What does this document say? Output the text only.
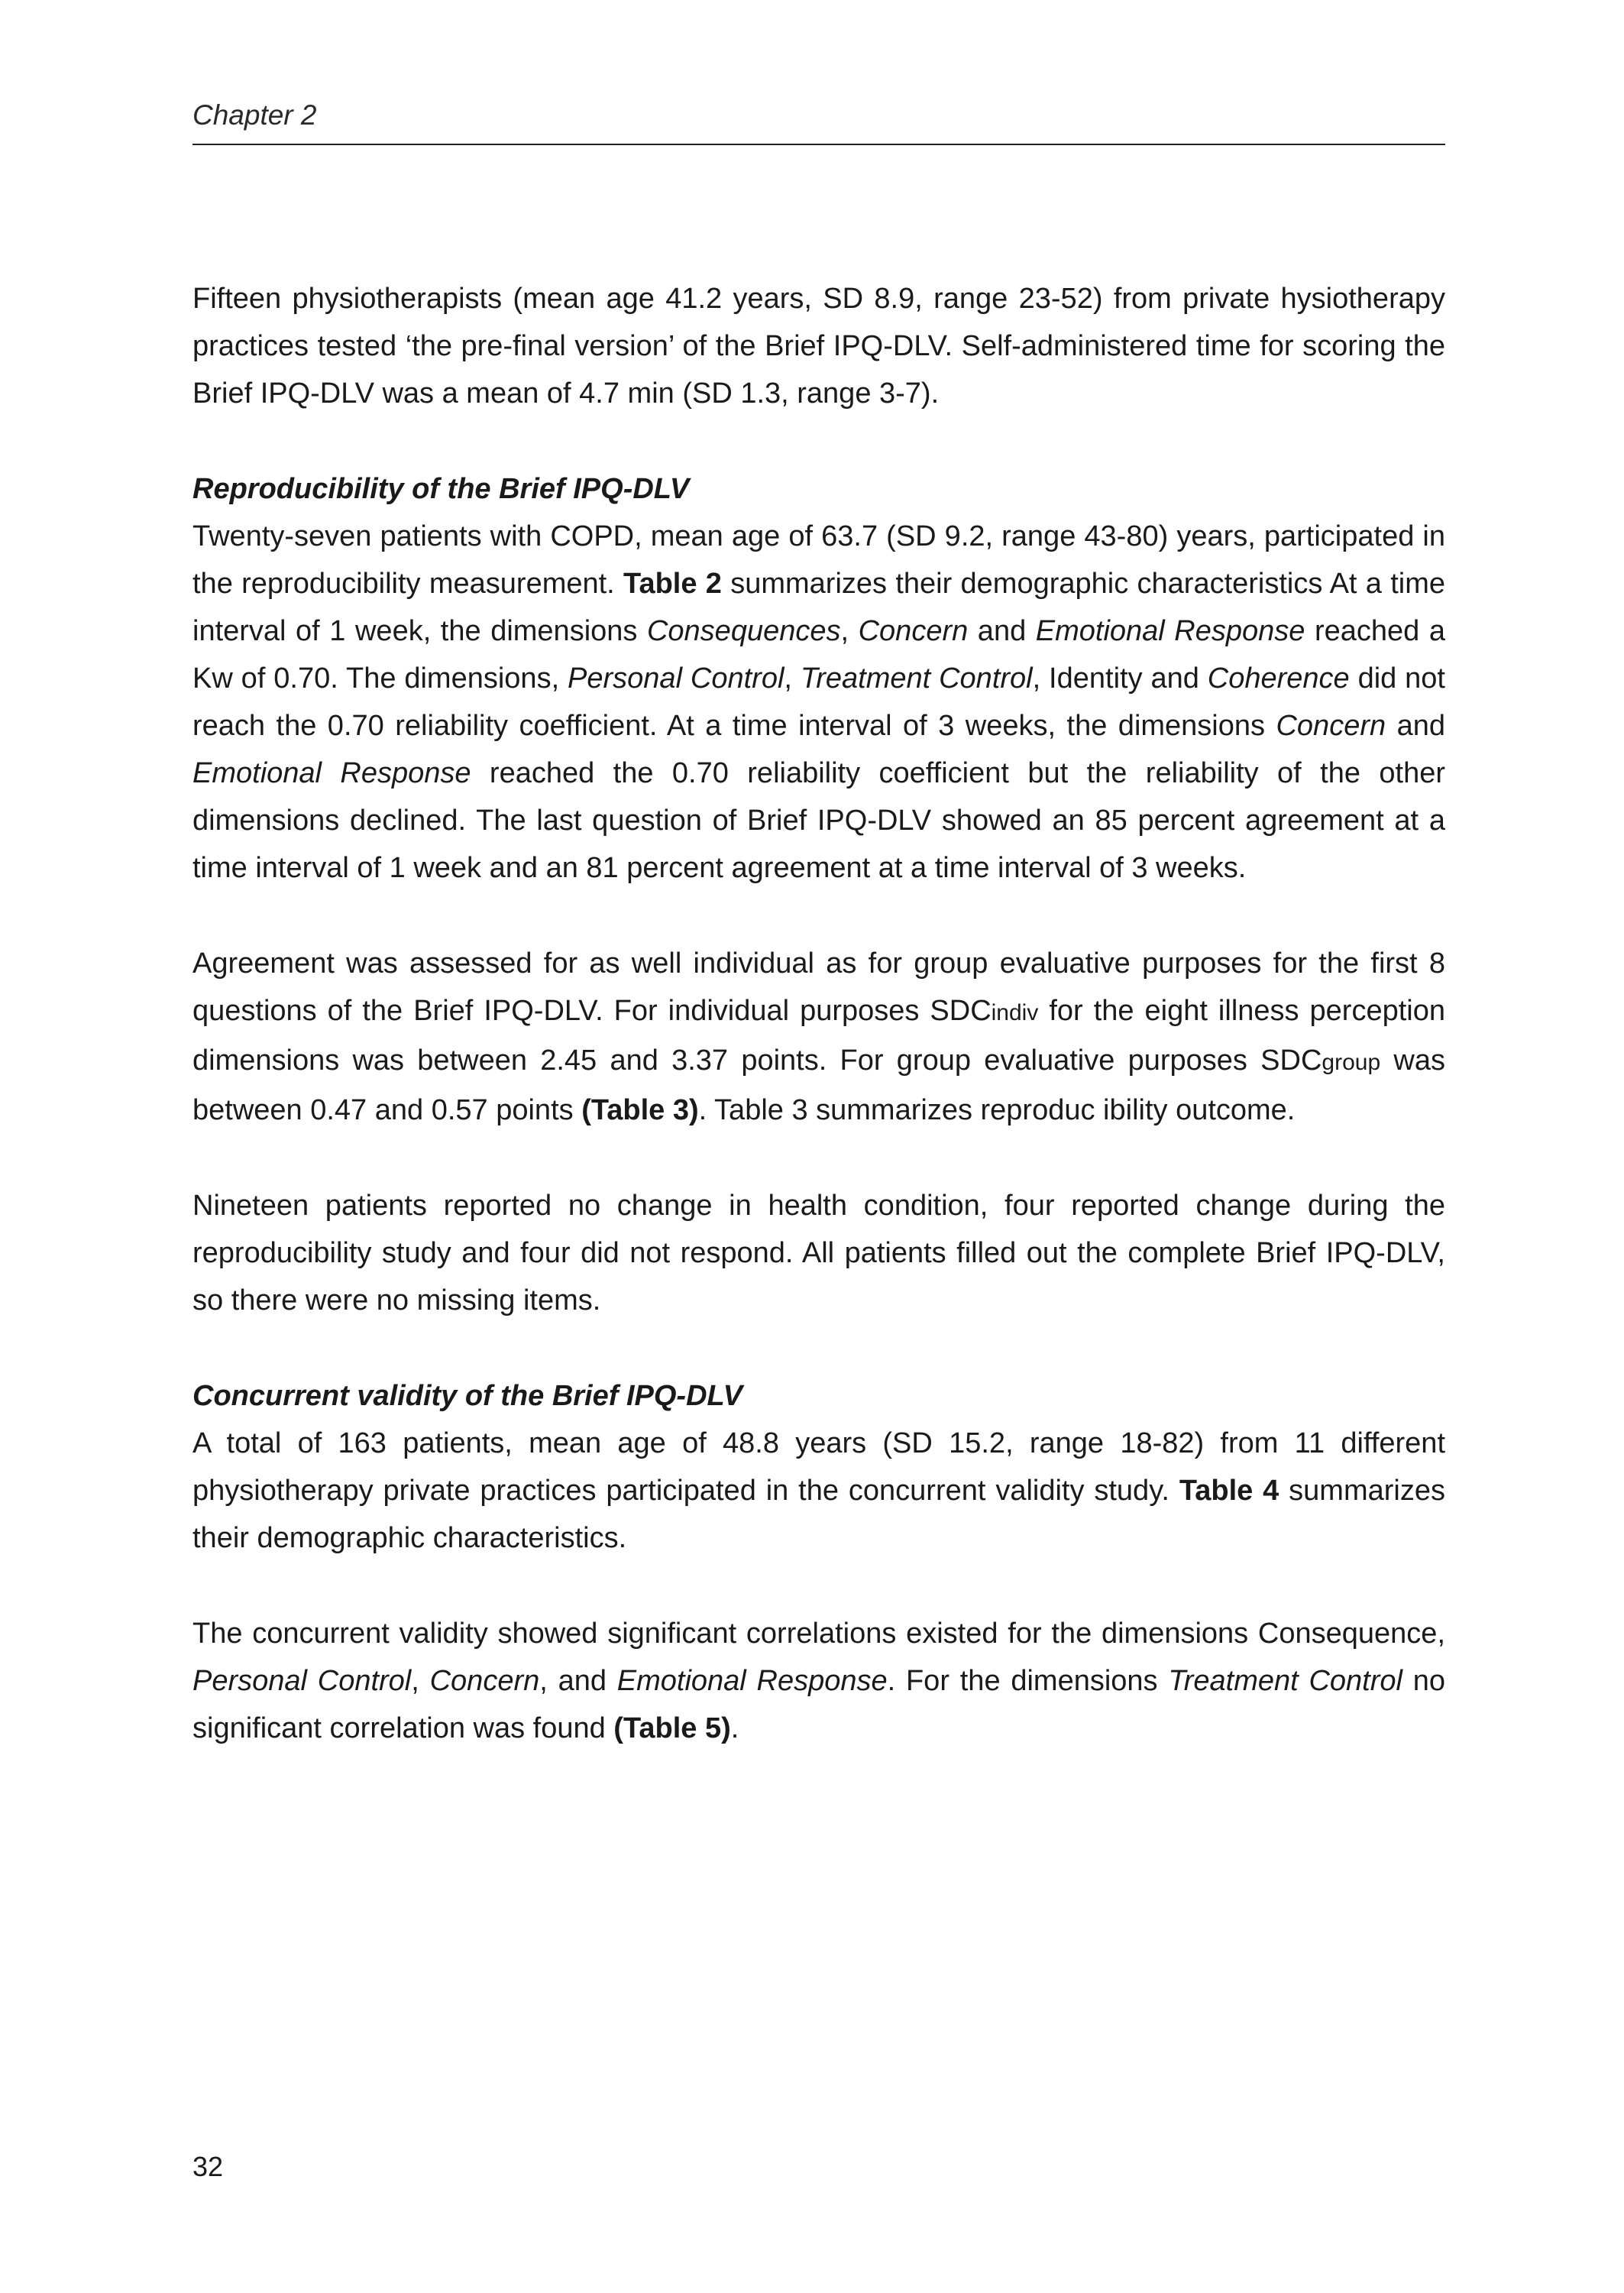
Chapter 2

Fifteen physiotherapists (mean age 41.2 years, SD 8.9, range 23-52) from private hysiotherapy practices tested ‘the pre-final version’ of the Brief IPQ-DLV. Self-administered time for scoring the Brief IPQ-DLV was a mean of 4.7 min (SD 1.3, range 3-7).

Reproducibility of the Brief IPQ-DLV

Twenty-seven patients with COPD, mean age of 63.7 (SD 9.2, range 43-80) years, participated in the reproducibility measurement. Table 2 summarizes their demographic characteristics At a time interval of 1 week, the dimensions Consequences, Concern and Emotional Response reached a Kw of 0.70. The dimensions, Personal Control, Treatment Control, Identity and Coherence did not reach the 0.70 reliability coefficient. At a time interval of 3 weeks, the dimensions Concern and Emotional Response reached the 0.70 reliability coefficient but the reliability of the other dimensions declined. The last question of Brief IPQ-DLV showed an 85 percent agreement at a time interval of 1 week and an 81 percent agreement at a time interval of 3 weeks.

Agreement was assessed for as well individual as for group evaluative purposes for the first 8 questions of the Brief IPQ-DLV. For individual purposes SDCindiv for the eight illness perception dimensions was between 2.45 and 3.37 points. For group evaluative purposes SDCgroup was between 0.47 and 0.57 points (Table 3). Table 3 summarizes reproduc ibility outcome.

Nineteen patients reported no change in health condition, four reported change during the reproducibility study and four did not respond. All patients filled out the complete Brief IPQ-DLV, so there were no missing items.

Concurrent validity of the Brief IPQ-DLV

A total of 163 patients, mean age of 48.8 years (SD 15.2, range 18-82) from 11 different physiotherapy private practices participated in the concurrent validity study. Table 4 summarizes their demographic characteristics.

The concurrent validity showed significant correlations existed for the dimensions Consequence, Personal Control, Concern, and Emotional Response. For the dimensions Treatment Control no significant correlation was found (Table 5).

32
